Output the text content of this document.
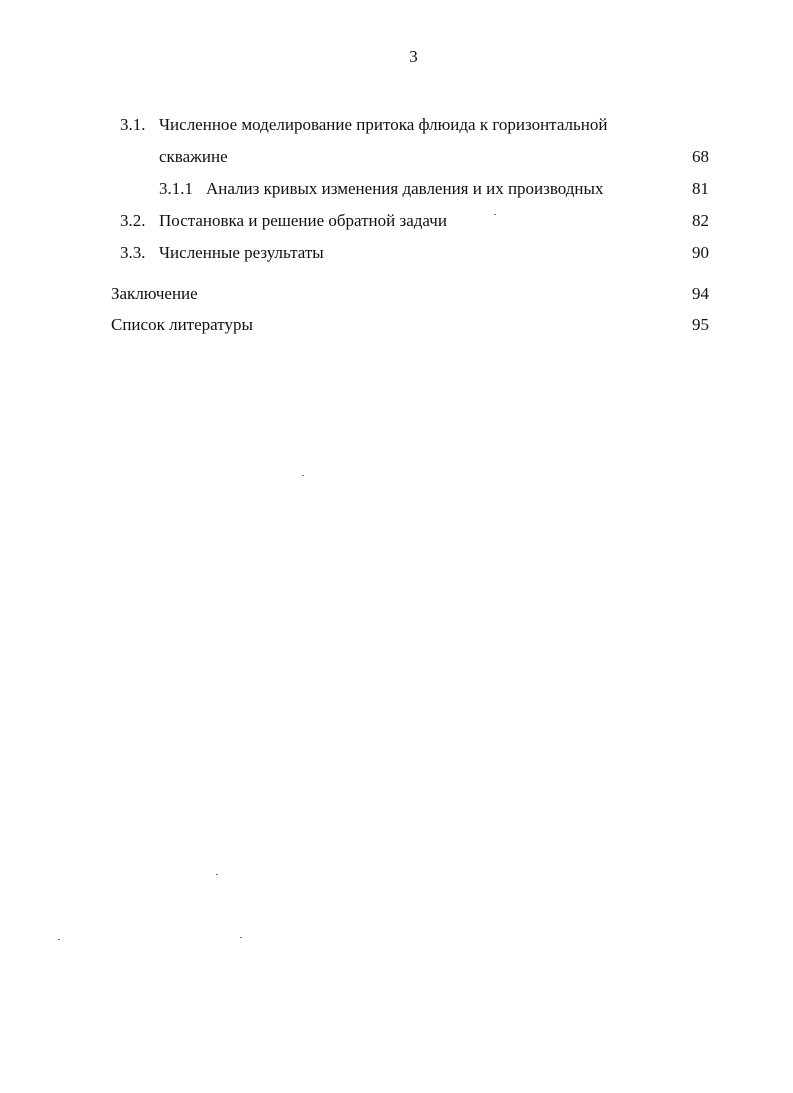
3
3.1. Численное моделирование притока флюида к горизонтальной
скважине	68
3.1.1 Анализ кривых изменения давления и их производных	81
3.2. Постановка и решение обратной задачи	82
3.3. Численные результаты	90
Заключение	94
Список литературы	95
